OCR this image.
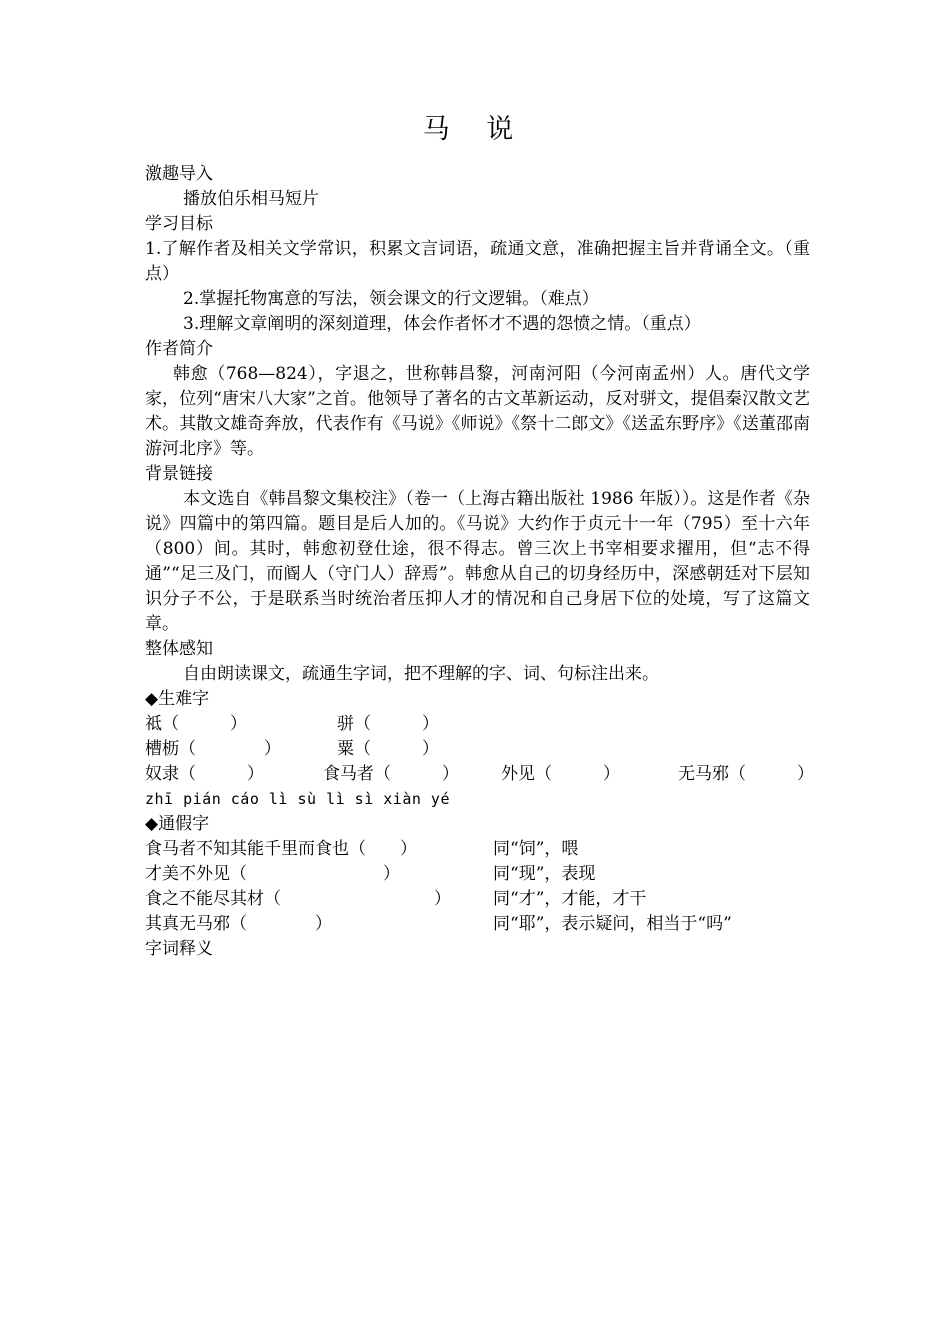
马 说
激趣导入
播放伯乐相马短片
学习目标
1.了解作者及相关文学常识，积累文言词语，疏通文意，准确把握主旨并背诵全文。（重点）
2.掌握托物寓意的写法，领会课文的行文逻辑。（难点）
3.理解文章阐明的深刻道理，体会作者怀才不遇的怨愤之情。（重点）
作者简介
韩愈（768—824），字退之，世称韩昌黎，河南河阳（今河南孟州）人。唐代文学家，位列“唐宋八大家”之首。他领导了著名的古文革新运动，反对骈文，提倡秦汉散文艺术。其散文雄奇奔放，代表作有《马说》《师说》《祭十二郎文》《送孟东野序》《送董邵南游河北序》等。
背景链接
本文选自《韩昌黎文集校注》（卷一（上海古籍出版社 1986 年版））。这是作者《杂说》四篇中的第四篇。题目是后人加的。《马说》大约作于贞元十一年（795）至十六年（800）间。其时，韩愈初登仕途，很不得志。曾三次上书宰相要求擢用，但“志不得通”“足三及门，而阍人（守门人）辞焉”。韩愈从自己的切身经历中，深感朝廷对下层知识分子不公，于是联系当时统治者压抑人才的情况和自己身居下位的处境，写了这篇文章。
整体感知
自由朗读课文，疏通生字词，把不理解的字、词、句标注出来。
◆生难字
祗（　　　）	骈（　　　）
槽枥（　　　　）	粟（　　　）
奴隶（　　　）	食马者（　　　） 外见（　　　）	无马邪（　　　）
zhī pián cáo lì sù lì sì xiàn yé
◆通假字
食马者不知其能千里而食也（　　）	同“饲”，喂
才美不外见（　　　　　　　　）	同“现”，表现
食之不能尽其材（　　　　　　　　　） 同“才”，才能，才干
其真无马邪（　　　　）	同“耶”，表示疑问，相当于“吗”
字词释义
